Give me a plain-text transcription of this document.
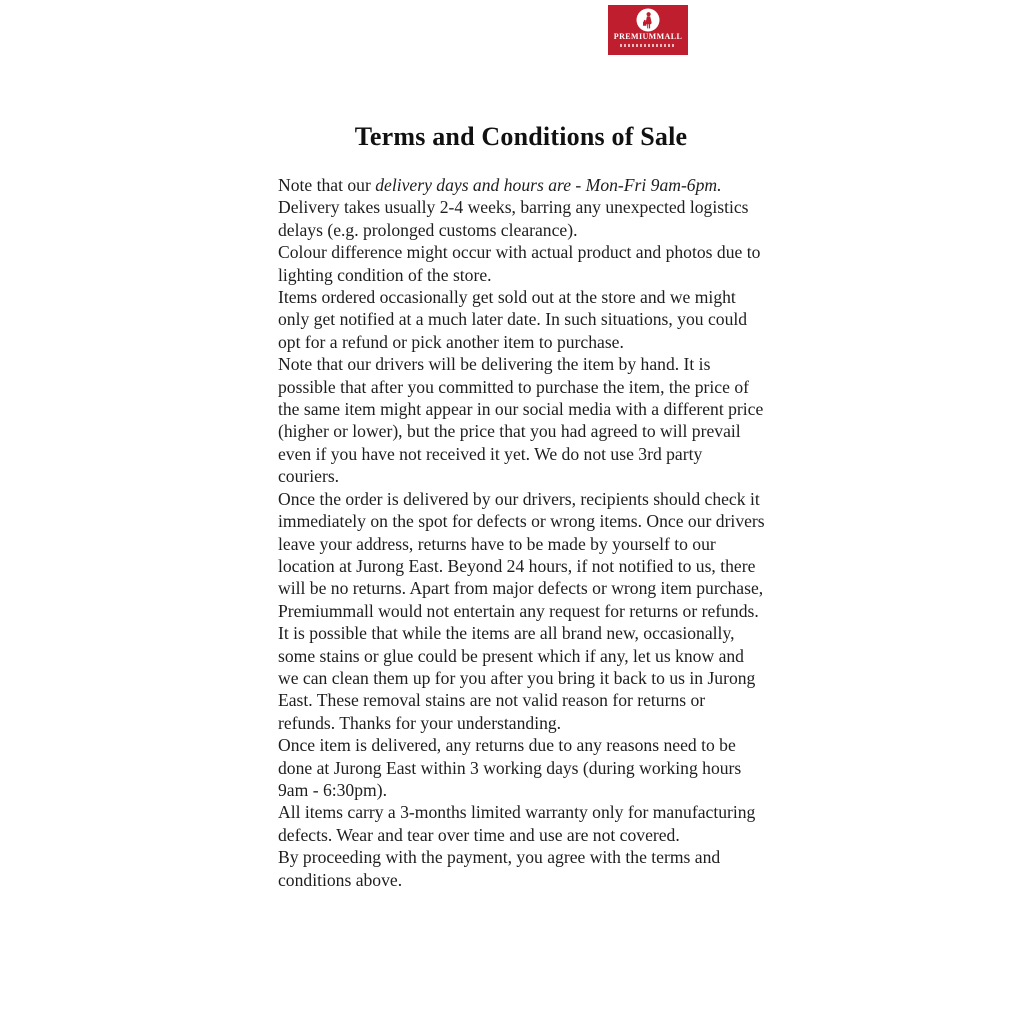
PREMIUMMALL
Terms and Conditions of Sale

Note that our delivery days and hours are - Mon-Fri 9am-6pm.

Delivery takes usually 2-4 weeks, barring any unexpected logistics delays (e.g. prolonged customs clearance).

Colour difference might occur with actual product and photos due to lighting condition of the store.

Items ordered occasionally get sold out at the store and we might only get notified at a much later date. In such situations, you could opt for a refund or pick another item to purchase.

Note that our drivers will be delivering the item by hand. It is possible that after you committed to purchase the item, the price of the same item might appear in our social media with a different price (higher or lower), but the price that you had agreed to will prevail even if you have not received it yet. We do not use 3rd party couriers.

Once the order is delivered by our drivers, recipients should check it immediately on the spot for defects or wrong items. Once our drivers leave your address, returns have to be made by yourself to our location at Jurong East. Beyond 24 hours, if not notified to us, there will be no returns. Apart from major defects or wrong item purchase, Premiummall would not entertain any request for returns or refunds.

It is possible that while the items are all brand new, occasionally, some stains or glue could be present which if any, let us know and we can clean them up for you after you bring it back to us in Jurong East. These removal stains are not valid reason for returns or refunds. Thanks for your understanding.

Once item is delivered, any returns due to any reasons need to be done at Jurong East within 3 working days (during working hours 9am - 6:30pm).

All items carry a 3-months limited warranty only for manufacturing defects. Wear and tear over time and use are not covered.

By proceeding with the payment, you agree with the terms and conditions above.
